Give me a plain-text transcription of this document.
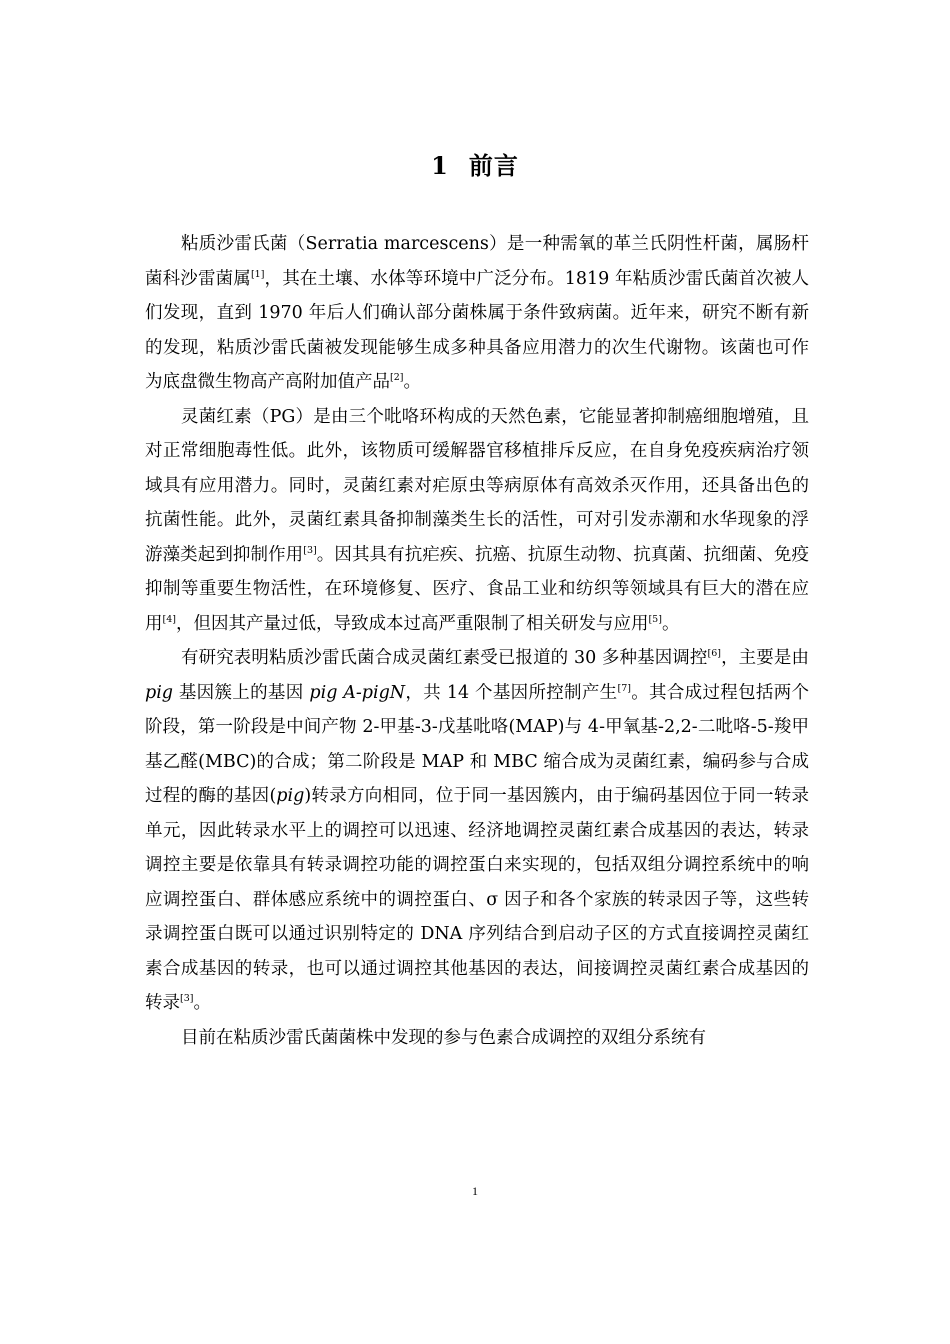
1 前言

粘质沙雷氏菌（Serratia marcescens）是一种需氧的革兰氏阴性杆菌，属肠杆菌科沙雷菌属[1]，其在土壤、水体等环境中广泛分布。1819 年粘质沙雷氏菌首次被人们发现，直到 1970 年后人们确认部分菌株属于条件致病菌。近年来，研究不断有新的发现，粘质沙雷氏菌被发现能够生成多种具备应用潜力的次生代谢物。该菌也可作为底盘微生物高产高附加值产品[2]。

灵菌红素（PG）是由三个吡咯环构成的天然色素，它能显著抑制癌细胞增殖，且对正常细胞毒性低。此外，该物质可缓解器官移植排斥反应，在自身免疫疾病治疗领域具有应用潜力。同时，灵菌红素对疟原虫等病原体有高效杀灭作用，还具备出色的抗菌性能。此外，灵菌红素具备抑制藻类生长的活性，可对引发赤潮和水华现象的浮游藻类起到抑制作用[3]。因其具有抗疟疾、抗癌、抗原生动物、抗真菌、抗细菌、免疫抑制等重要生物活性，在环境修复、医疗、食品工业和纺织等领域具有巨大的潜在应用[4]，但因其产量过低，导致成本过高严重限制了相关研发与应用[5]。

有研究表明粘质沙雷氏菌合成灵菌红素受已报道的 30 多种基因调控[6]，主要是由 pig 基因簇上的基因 pig A-pigN，共 14 个基因所控制产生[7]。其合成过程包括两个阶段，第一阶段是中间产物 2-甲基-3-戊基吡咯(MAP)与 4-甲氧基-2,2-二吡咯-5-羧甲基乙醛(MBC)的合成；第二阶段是 MAP 和 MBC 缩合成为灵菌红素，编码参与合成过程的酶的基因(pig)转录方向相同，位于同一基因簇内，由于编码基因位于同一转录单元，因此转录水平上的调控可以迅速、经济地调控灵菌红素合成基因的表达，转录调控主要是依靠具有转录调控功能的调控蛋白来实现的，包括双组分调控系统中的响应调控蛋白、群体感应系统中的调控蛋白、σ 因子和各个家族的转录因子等，这些转录调控蛋白既可以通过识别特定的 DNA 序列结合到启动子区的方式直接调控灵菌红素合成基因的转录，也可以通过调控其他基因的表达，间接调控灵菌红素合成基因的转录[3]。

目前在粘质沙雷氏菌菌株中发现的参与色素合成调控的双组分系统有

1
